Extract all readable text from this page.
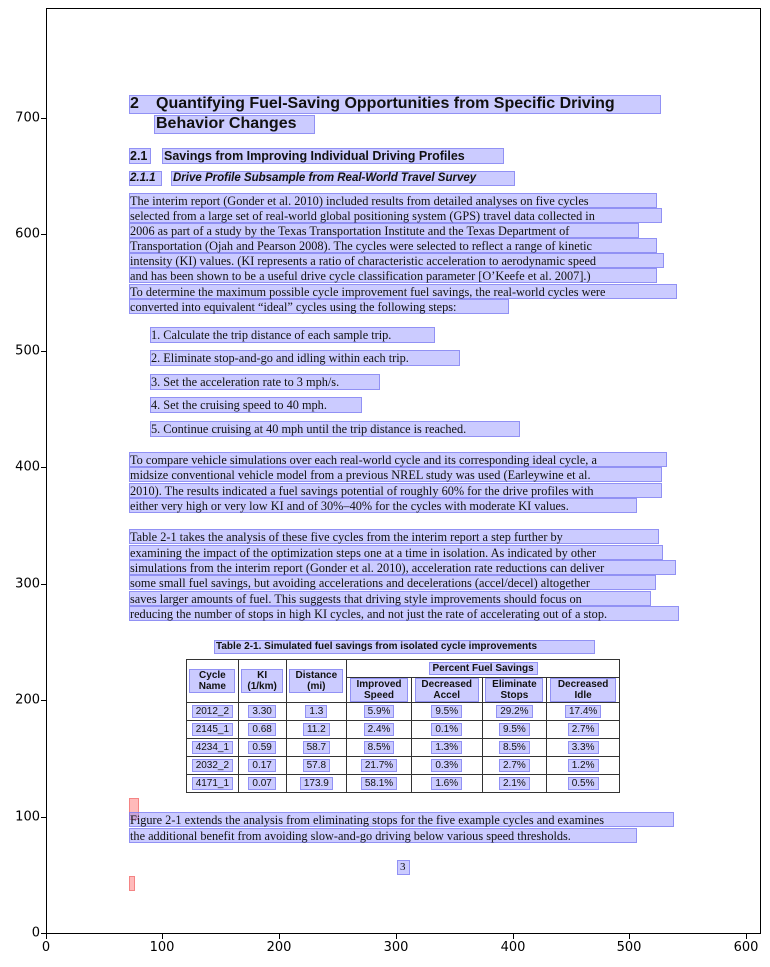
0	100	200	300	400	500	600
0
100
200
300
400
500
600
700
2 Quantifying Fuel-Saving Opportunities from Specific Driving
Behavior Changes
2.1 Savings from Improving Individual Driving Profiles
2.1.1 Drive Profile Subsample from Real-World Travel Survey
The interim report (Gonder et al. 2010) included results from detailed analyses on five cycles
selected from a large set of real-world global positioning system (GPS) travel data collected in
2006 as part of a study by the Texas Transportation Institute and the Texas Department of
Transportation (Ojah and Pearson 2008). The cycles were selected to reflect a range of kinetic
intensity (KI) values. (KI represents a ratio of characteristic acceleration to aerodynamic speed
and has been shown to be a useful drive cycle classification parameter [O’Keefe et al. 2007].)
To determine the maximum possible cycle improvement fuel savings, the real-world cycles were
converted into equivalent “ideal” cycles using the following steps:
1. Calculate the trip distance of each sample trip.
2. Eliminate stop-and-go and idling within each trip.
3. Set the acceleration rate to 3 mph/s.
4. Set the cruising speed to 40 mph.
5. Continue cruising at 40 mph until the trip distance is reached.
To compare vehicle simulations over each real-world cycle and its corresponding ideal cycle, a
midsize conventional vehicle model from a previous NREL study was used (Earleywine et al.
2010). The results indicated a fuel savings potential of roughly 60% for the drive profiles with
either very high or very low KI and of 30%–40% for the cycles with moderate KI values.
Table 2-1 takes the analysis of these five cycles from the interim report a step further by
examining the impact of the optimization steps one at a time in isolation. As indicated by other
simulations from the interim report (Gonder et al. 2010), acceleration rate reductions can deliver
some small fuel savings, but avoiding accelerations and decelerations (accel/decel) altogether
saves larger amounts of fuel. This suggests that driving style improvements should focus on
reducing the number of stops in high KI cycles, and not just the rate of accelerating out of a stop.
Table 2-1. Simulated fuel savings from isolated cycle improvements
Cycle Name	KI (1/km)	Distance (mi)	Percent Fuel Savings			
			Improved Speed	Decreased Accel	Eliminate Stops	Decreased Idle
2012_2	3.30	1.3	5.9%	9.5%	29.2%	17.4%
2145_1	0.68	11.2	2.4%	0.1%	9.5%	2.7%
4234_1	0.59	58.7	8.5%	1.3%	8.5%	3.3%
2032_2	0.17	57.8	21.7%	0.3%	2.7%	1.2%
4171_1	0.07	173.9	58.1%	1.6%	2.1%	0.5%
Figure 2-1 extends the analysis from eliminating stops for the five example cycles and examines
the additional benefit from avoiding slow-and-go driving below various speed thresholds.
3
